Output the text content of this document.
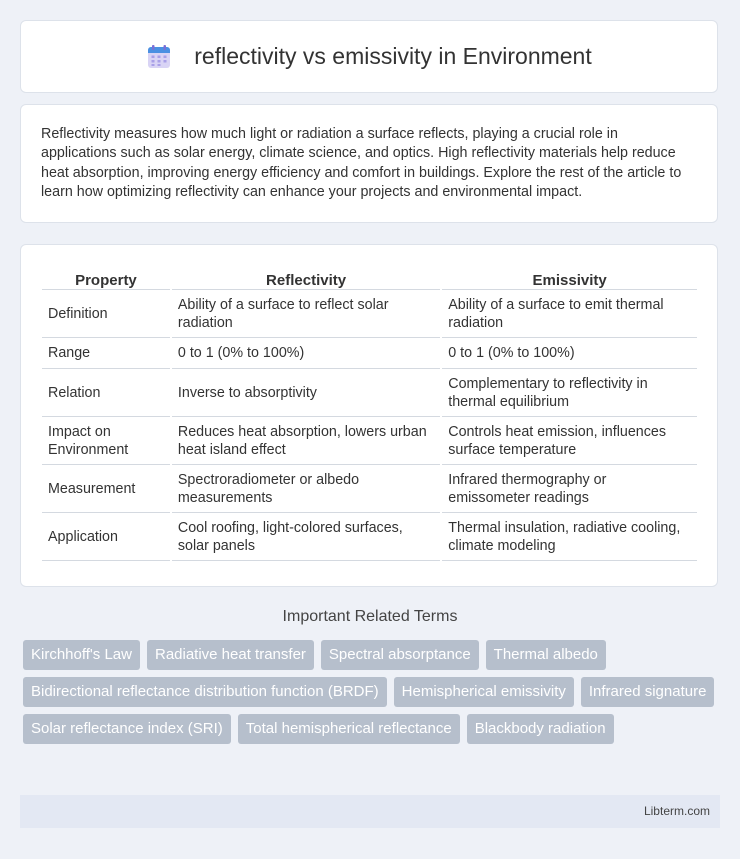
reflectivity vs emissivity in Environment
Reflectivity measures how much light or radiation a surface reflects, playing a crucial role in applications such as solar energy, climate science, and optics. High reflectivity materials help reduce heat absorption, improving energy efficiency and comfort in buildings. Explore the rest of the article to learn how optimizing reflectivity can enhance your projects and environmental impact.
Property	Reflectivity	Emissivity
Definition	Ability of a surface to reflect solar radiation	Ability of a surface to emit thermal radiation
Range	0 to 1 (0% to 100%)	0 to 1 (0% to 100%)
Relation	Inverse to absorptivity	Complementary to reflectivity in thermal equilibrium
Impact on Environment	Reduces heat absorption, lowers urban heat island effect	Controls heat emission, influences surface temperature
Measurement	Spectroradiometer or albedo measurements	Infrared thermography or emissometer readings
Application	Cool roofing, light-colored surfaces, solar panels	Thermal insulation, radiative cooling, climate modeling
Important Related Terms
Kirchhoff's Law	Radiative heat transfer	Spectral absorptance	Thermal albedo
Bidirectional reflectance distribution function (BRDF)	Hemispherical emissivity	Infrared signature
Solar reflectance index (SRI)	Total hemispherical reflectance	Blackbody radiation
Libterm.com
